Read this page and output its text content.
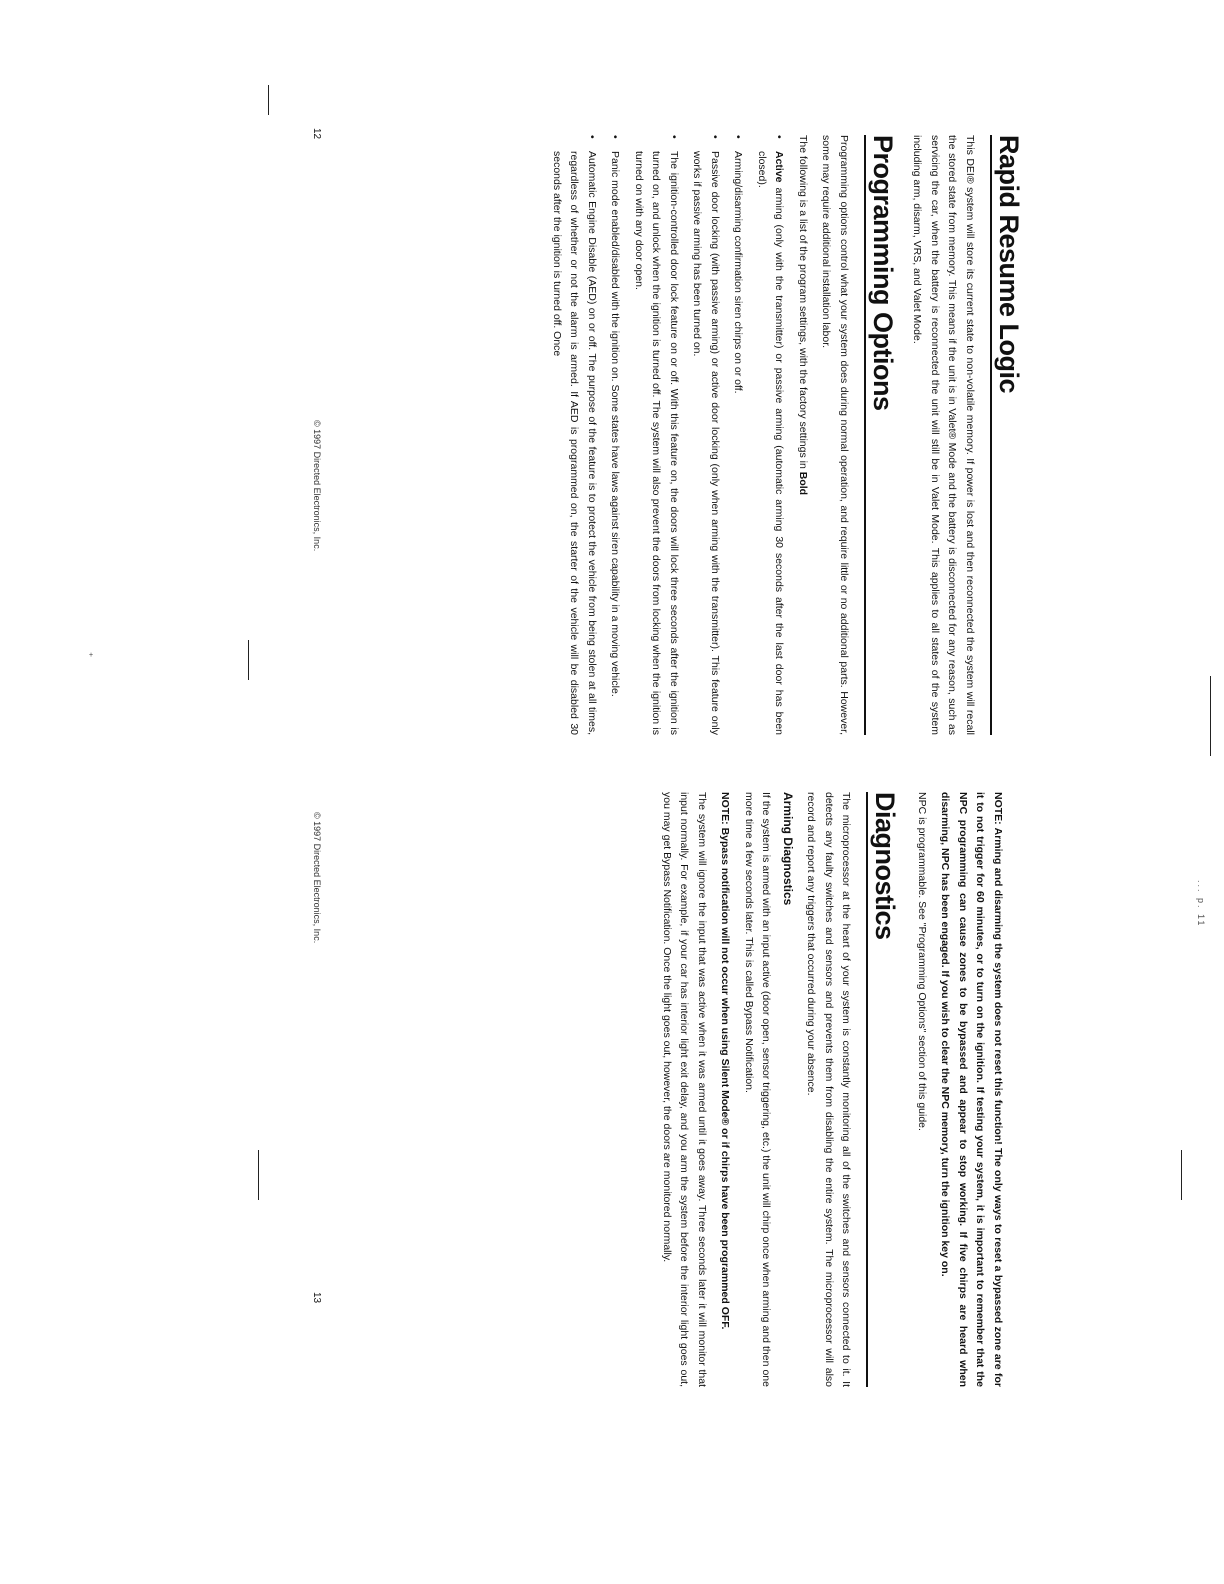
... p. 11
Rapid Resume Logic

This DEI® system will store its current state to non-volatile memory. If power is lost and then reconnected the system will recall the stored state from memory. This means if the unit is in Valet® Mode and the battery is disconnected for any reason, such as servicing the car, when the battery is reconnected the unit will still be in Valet Mode. This applies to all states of the system including arm, disarm, VRS, and Valet Mode.

Programming Options

Programming options control what your system does during normal operation, and require little or no additional parts. However, some may require additional installation labor.

The following is a list of the program settings, with the factory settings in Bold

• Active arming (only with the transmitter) or passive arming (automatic arming 30 seconds after the last door has been closed).
• Arming/disarming confirmation siren chirps on or off.
• Passive door locking (with passive arming) or active door locking (only when arming with the transmitter). This feature only works if passive arming has been turned on.
• The ignition-controlled door lock feature on or off. With this feature on, the doors will lock three seconds after the ignition is turned on, and unlock when the ignition is turned off. The system will also prevent the doors from locking when the ignition is turned on with any door open.
• Panic mode enabled/disabled with the ignition on. Some states have laws against siren capability in a moving vehicle.
• Automatic Engine Disable (AED) on or off. The purpose of the feature is to protect the vehicle from being stolen at all times, regardless of whether or not the alarm is armed. If AED is programmed on, the starter of the vehicle will be disabled 30 seconds after the ignition is turned off. Once
12
© 1997 Directed Electronics, Inc.
⁺

NOTE: Arming and disarming the system does not reset this function! The only ways to reset a bypassed zone are for it to not trigger for 60 minutes, or to turn on the ignition. If testing your system, it is important to remember that the NPC programming can cause zones to be bypassed and appear to stop working. If five chirps are heard when disarming, NPC has been engaged. If you wish to clear the NPC memory, turn the ignition key on.

NPC is programmable. See "Programming Options" section of this guide.

Diagnostics

The microprocessor at the heart of your system is constantly monitoring all of the switches and sensors connected to it. It detects any faulty switches and sensors and prevents them from disabling the entire system. The microprocessor will also record and report any triggers that occurred during your absence.

Arming Diagnostics

If the system is armed with an input active (door open, sensor triggering, etc.) the unit will chirp once when arming and then one more time a few seconds later. This is called Bypass Notification.

NOTE: Bypass notification will not occur when using Silent Mode® or if chirps have been programmed OFF.

The system will ignore the input that was active when it was armed until it goes away. Three seconds later it will monitor that input normally. For example, if your car has interior light exit delay, and you arm the system before the interior light goes out, you may get Bypass Notification. Once the light goes out, however, the doors are monitored normally.

© 1997 Directed Electronics, Inc.
13
